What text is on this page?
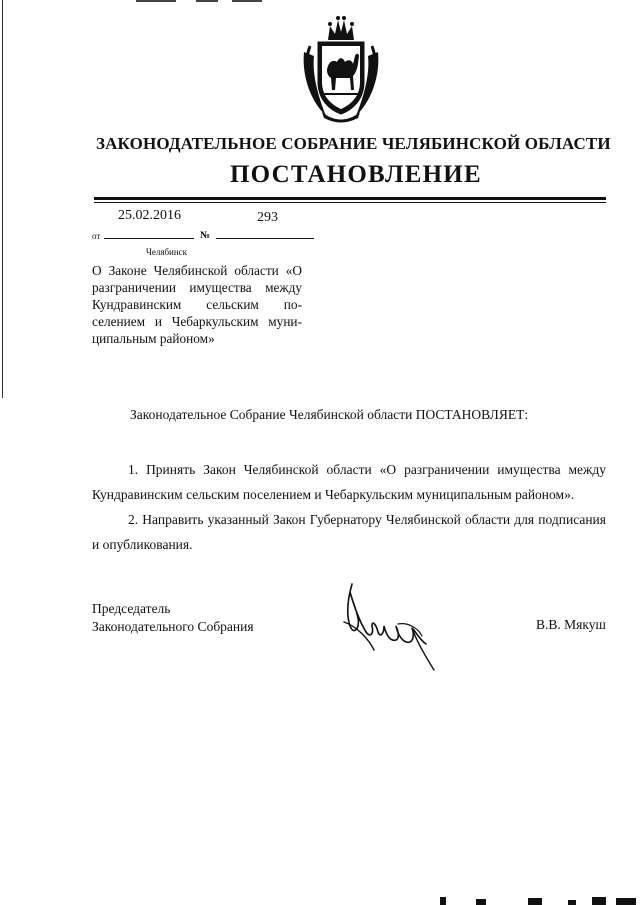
ЗАКОНОДАТЕЛЬНОЕ СОБРАНИЕ ЧЕЛЯБИНСКОЙ ОБЛАСТИ
ПОСТАНОВЛЕНИЕ
25.02.2016	293
от	№
Челябинск
О Законе Челябинской области «О разграничении имущества между Кундравинским сельским поселением и Чебаркульским муниципальным районом»
Законодательное Собрание Челябинской области ПОСТАНОВЛЯЕТ:
1. Принять Закон Челябинской области «О разграничении имущества между Кундравинским сельским поселением и Чебаркульским муниципальным районом».
2. Направить указанный Закон Губернатору Челябинской области для подписания и опубликования.
Председатель
Законодательного Собрания	В.В. Мякуш
